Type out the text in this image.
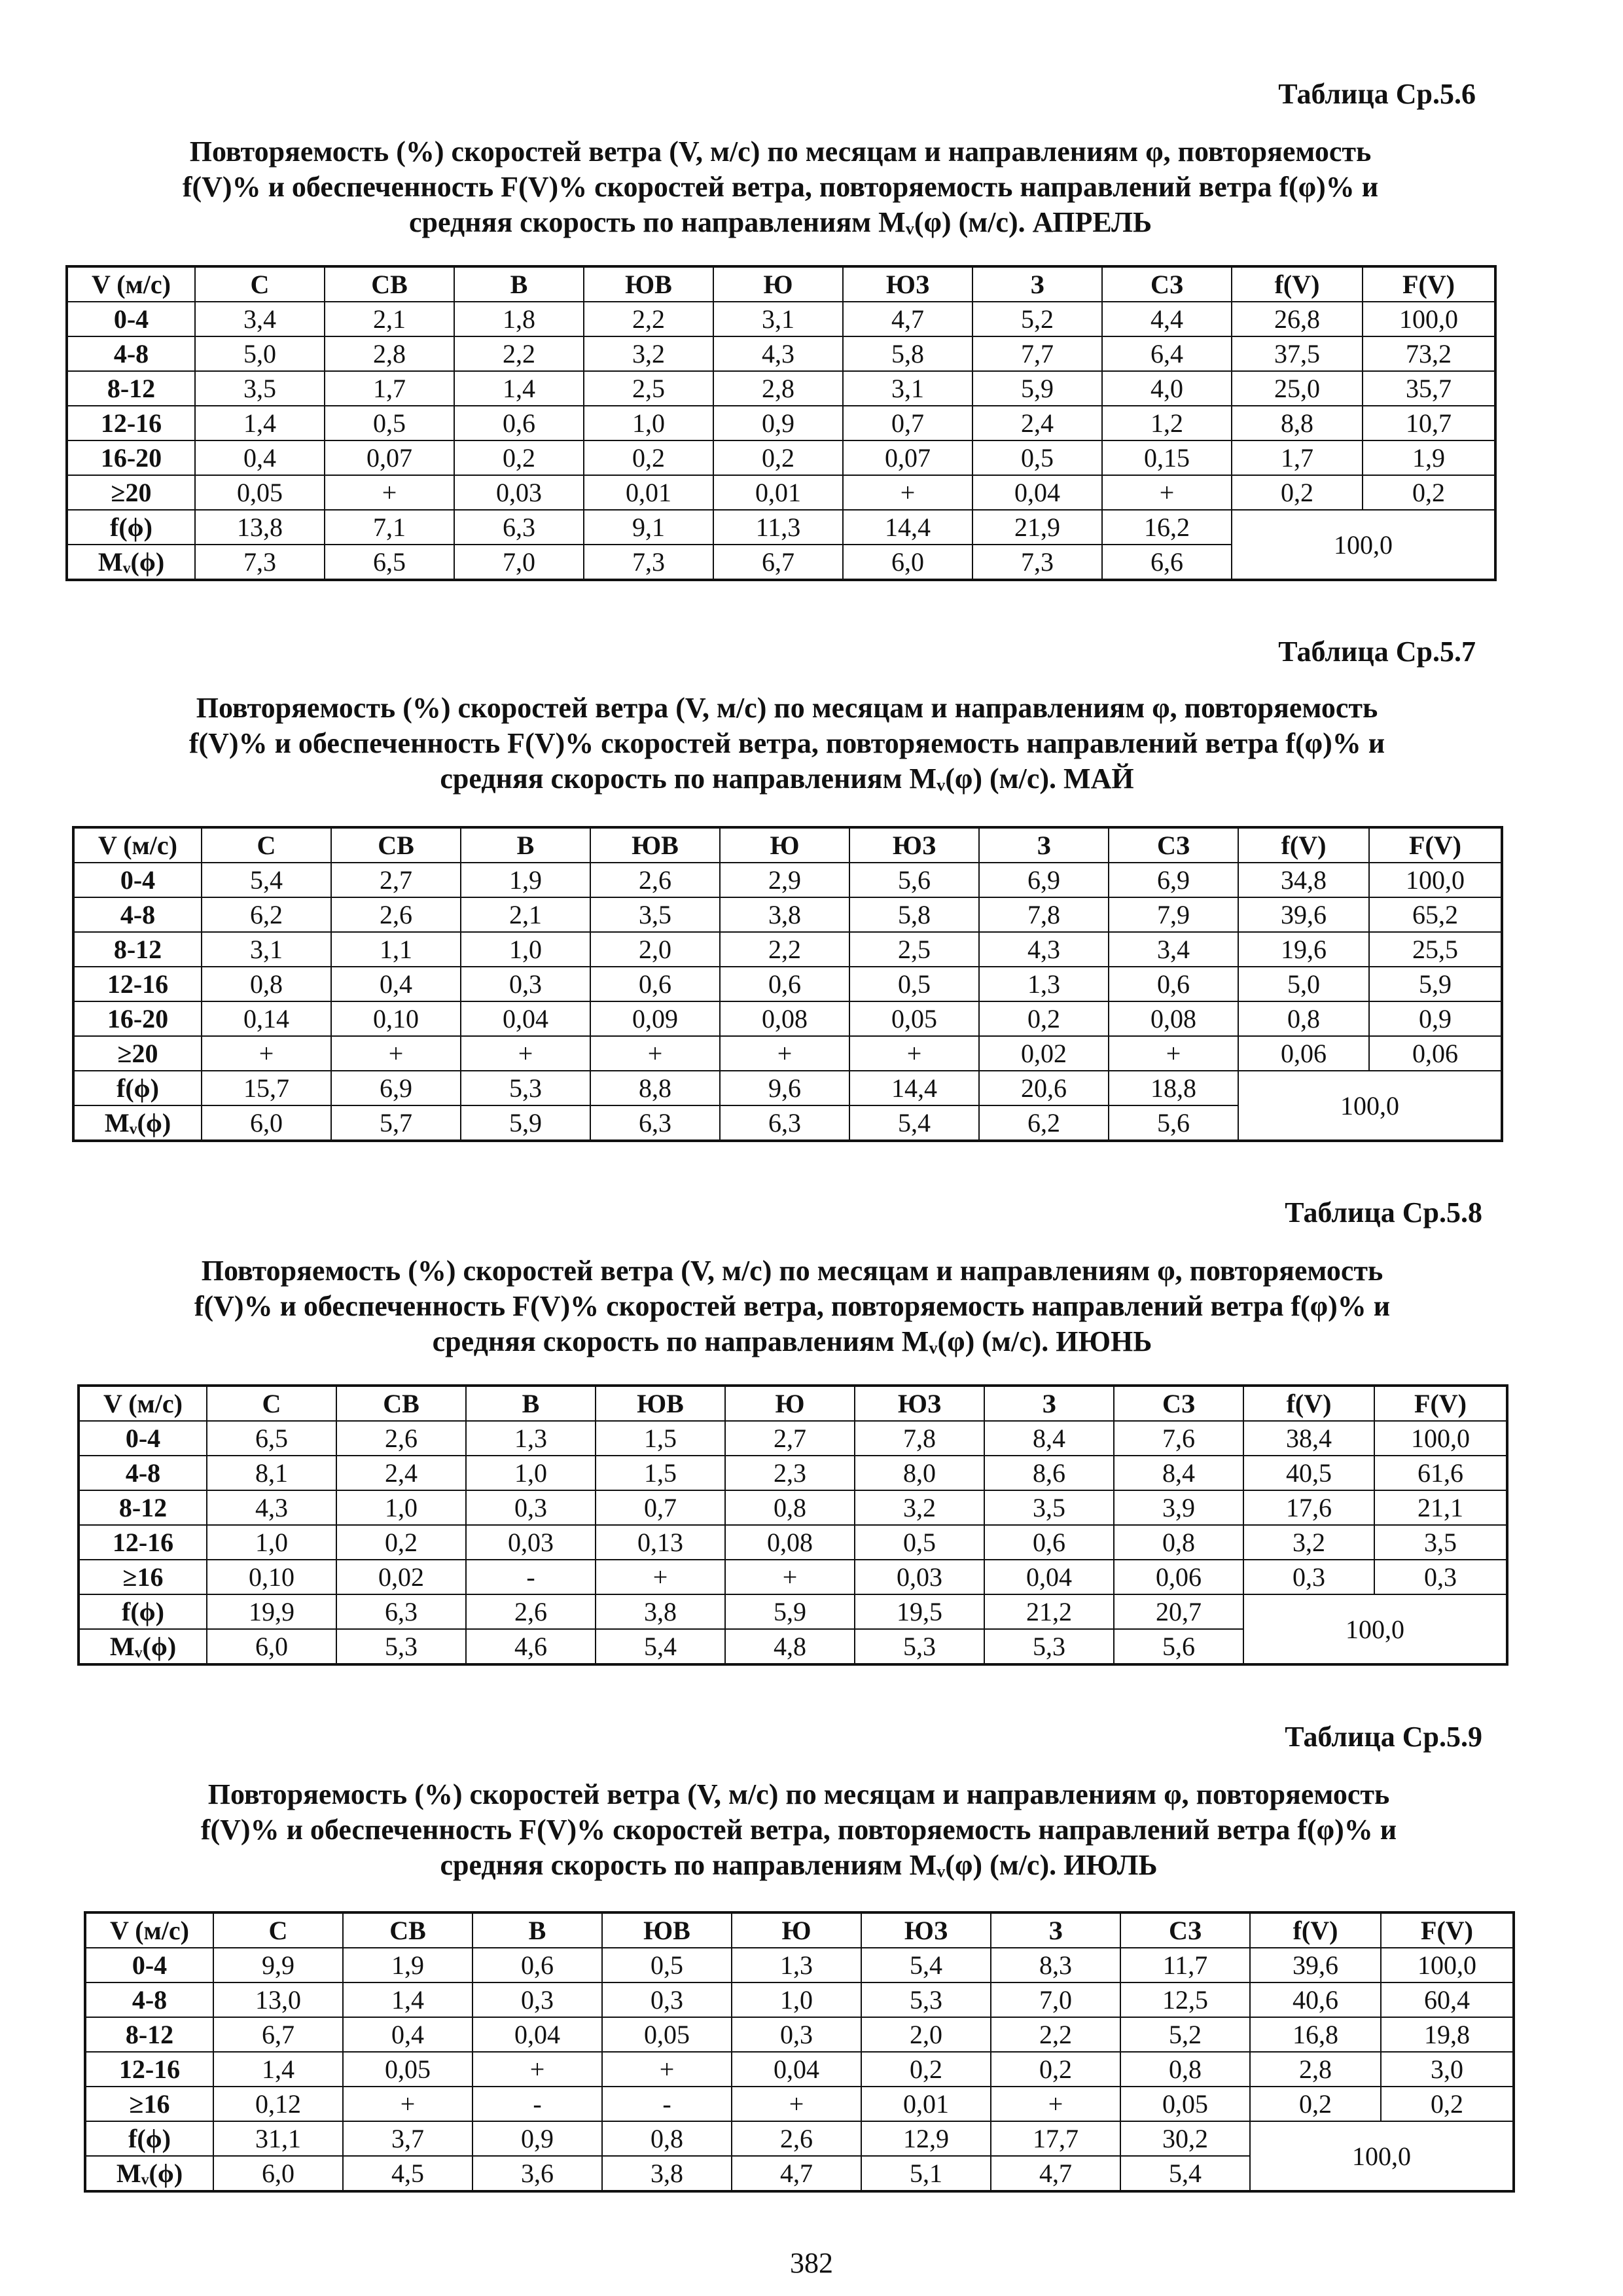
Таблица Ср.5.6
Повторяемость (%) скоростей ветра (V, м/с) по месяцам и направлениям φ, повторяемость
f(V)% и обеспеченность F(V)% скоростей ветра, повторяемость направлений ветра f(φ)% и
средняя скорость по направлениям Mᵥ(φ) (м/с). АПРЕЛЬ
V (м/с)	С	СВ	В	ЮВ	Ю	ЮЗ	З	СЗ	f(V)	F(V)
0-4	3,4	2,1	1,8	2,2	3,1	4,7	5,2	4,4	26,8	100,0
4-8	5,0	2,8	2,2	3,2	4,3	5,8	7,7	6,4	37,5	73,2
8-12	3,5	1,7	1,4	2,5	2,8	3,1	5,9	4,0	25,0	35,7
12-16	1,4	0,5	0,6	1,0	0,9	0,7	2,4	1,2	8,8	10,7
16-20	0,4	0,07	0,2	0,2	0,2	0,07	0,5	0,15	1,7	1,9
≥20	0,05	+	0,03	0,01	0,01	+	0,04	+	0,2	0,2
f(ϕ)	13,8	7,1	6,3	9,1	11,3	14,4	21,9	16,2	100,0	
Mᵥ(ϕ)	7,3	6,5	7,0	7,3	6,7	6,0	7,3	6,6		
Таблица Ср.5.7
Повторяемость (%) скоростей ветра (V, м/с) по месяцам и направлениям φ, повторяемость
f(V)% и обеспеченность F(V)% скоростей ветра, повторяемость направлений ветра f(φ)% и
средняя скорость по направлениям Mᵥ(φ) (м/с). МАЙ
V (м/с)	С	СВ	В	ЮВ	Ю	ЮЗ	З	СЗ	f(V)	F(V)
0-4	5,4	2,7	1,9	2,6	2,9	5,6	6,9	6,9	34,8	100,0
4-8	6,2	2,6	2,1	3,5	3,8	5,8	7,8	7,9	39,6	65,2
8-12	3,1	1,1	1,0	2,0	2,2	2,5	4,3	3,4	19,6	25,5
12-16	0,8	0,4	0,3	0,6	0,6	0,5	1,3	0,6	5,0	5,9
16-20	0,14	0,10	0,04	0,09	0,08	0,05	0,2	0,08	0,8	0,9
≥20	+	+	+	+	+	+	0,02	+	0,06	0,06
f(ϕ)	15,7	6,9	5,3	8,8	9,6	14,4	20,6	18,8	100,0	
Mᵥ(ϕ)	6,0	5,7	5,9	6,3	6,3	5,4	6,2	5,6		
Таблица Ср.5.8
Повторяемость (%) скоростей ветра (V, м/с) по месяцам и направлениям φ, повторяемость
f(V)% и обеспеченность F(V)% скоростей ветра, повторяемость направлений ветра f(φ)% и
средняя скорость по направлениям Mᵥ(φ) (м/с). ИЮНЬ
V (м/с)	С	СВ	В	ЮВ	Ю	ЮЗ	З	СЗ	f(V)	F(V)
0-4	6,5	2,6	1,3	1,5	2,7	7,8	8,4	7,6	38,4	100,0
4-8	8,1	2,4	1,0	1,5	2,3	8,0	8,6	8,4	40,5	61,6
8-12	4,3	1,0	0,3	0,7	0,8	3,2	3,5	3,9	17,6	21,1
12-16	1,0	0,2	0,03	0,13	0,08	0,5	0,6	0,8	3,2	3,5
≥16	0,10	0,02	-	+	+	0,03	0,04	0,06	0,3	0,3
f(ϕ)	19,9	6,3	2,6	3,8	5,9	19,5	21,2	20,7	100,0	
Mᵥ(ϕ)	6,0	5,3	4,6	5,4	4,8	5,3	5,3	5,6		
Таблица Ср.5.9
Повторяемость (%) скоростей ветра (V, м/с) по месяцам и направлениям φ, повторяемость
f(V)% и обеспеченность F(V)% скоростей ветра, повторяемость направлений ветра f(φ)% и
средняя скорость по направлениям Mᵥ(φ) (м/с). ИЮЛЬ
V (м/с)	С	СВ	В	ЮВ	Ю	ЮЗ	З	СЗ	f(V)	F(V)
0-4	9,9	1,9	0,6	0,5	1,3	5,4	8,3	11,7	39,6	100,0
4-8	13,0	1,4	0,3	0,3	1,0	5,3	7,0	12,5	40,6	60,4
8-12	6,7	0,4	0,04	0,05	0,3	2,0	2,2	5,2	16,8	19,8
12-16	1,4	0,05	+	+	0,04	0,2	0,2	0,8	2,8	3,0
≥16	0,12	+	-	-	+	0,01	+	0,05	0,2	0,2
f(ϕ)	31,1	3,7	0,9	0,8	2,6	12,9	17,7	30,2	100,0	
Mᵥ(ϕ)	6,0	4,5	3,6	3,8	4,7	5,1	4,7	5,4		
382
